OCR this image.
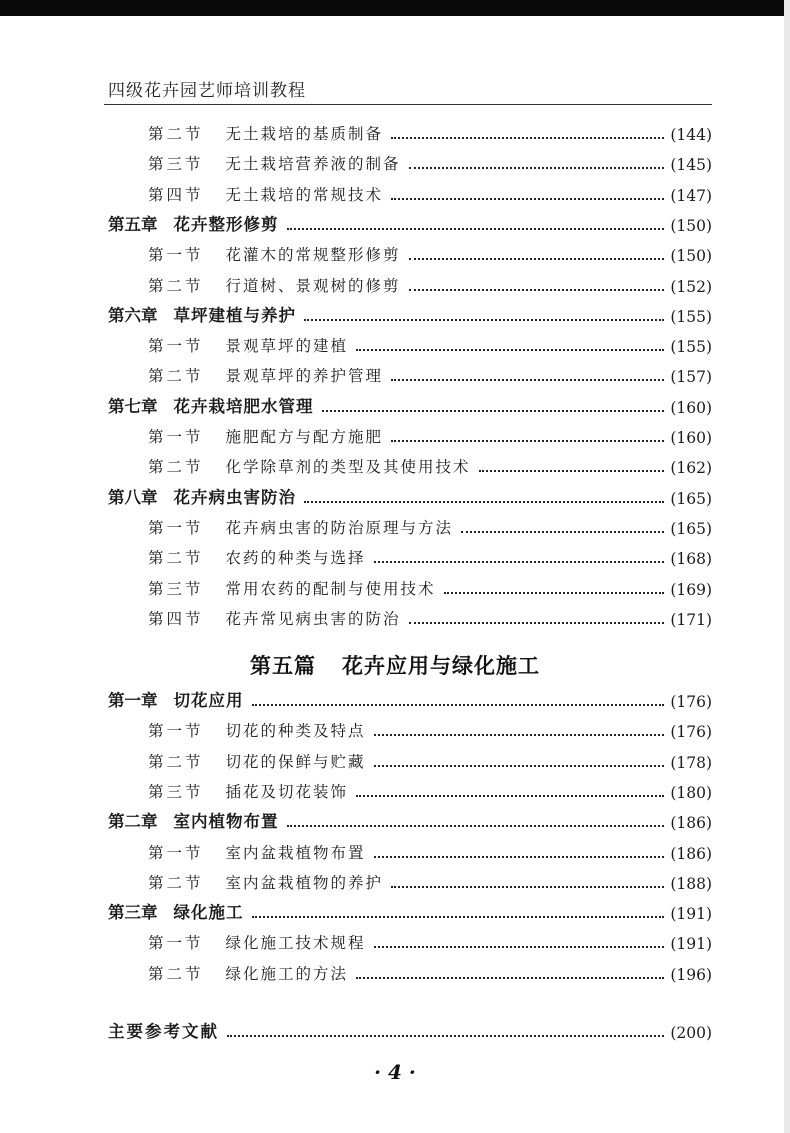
四级花卉园艺师培训教程
第二节 无土栽培的基质制备	(144)
第三节 无土栽培营养液的制备	(145)
第四节 无土栽培的常规技术	(147)
第五章 花卉整形修剪	(150)
第一节 花灌木的常规整形修剪	(150)
第二节 行道树、景观树的修剪	(152)
第六章 草坪建植与养护	(155)
第一节 景观草坪的建植	(155)
第二节 景观草坪的养护管理	(157)
第七章 花卉栽培肥水管理	(160)
第一节 施肥配方与配方施肥	(160)
第二节 化学除草剂的类型及其使用技术	(162)
第八章 花卉病虫害防治	(165)
第一节 花卉病虫害的防治原理与方法	(165)
第二节 农药的种类与选择	(168)
第三节 常用农药的配制与使用技术	(169)
第四节 花卉常见病虫害的防治	(171)
第一章 切花应用	(176)
第一节 切花的种类及特点	(176)
第二节 切花的保鲜与贮藏	(178)
第三节 插花及切花装饰	(180)
第二章 室内植物布置	(186)
第一节 室内盆栽植物布置	(186)
第二节 室内盆栽植物的养护	(188)
第三章 绿化施工	(191)
第一节 绿化施工技术规程	(191)
第二节 绿化施工的方法	(196)
主要参考文献	(200)
第五篇 花卉应用与绿化施工
· 4 ·
